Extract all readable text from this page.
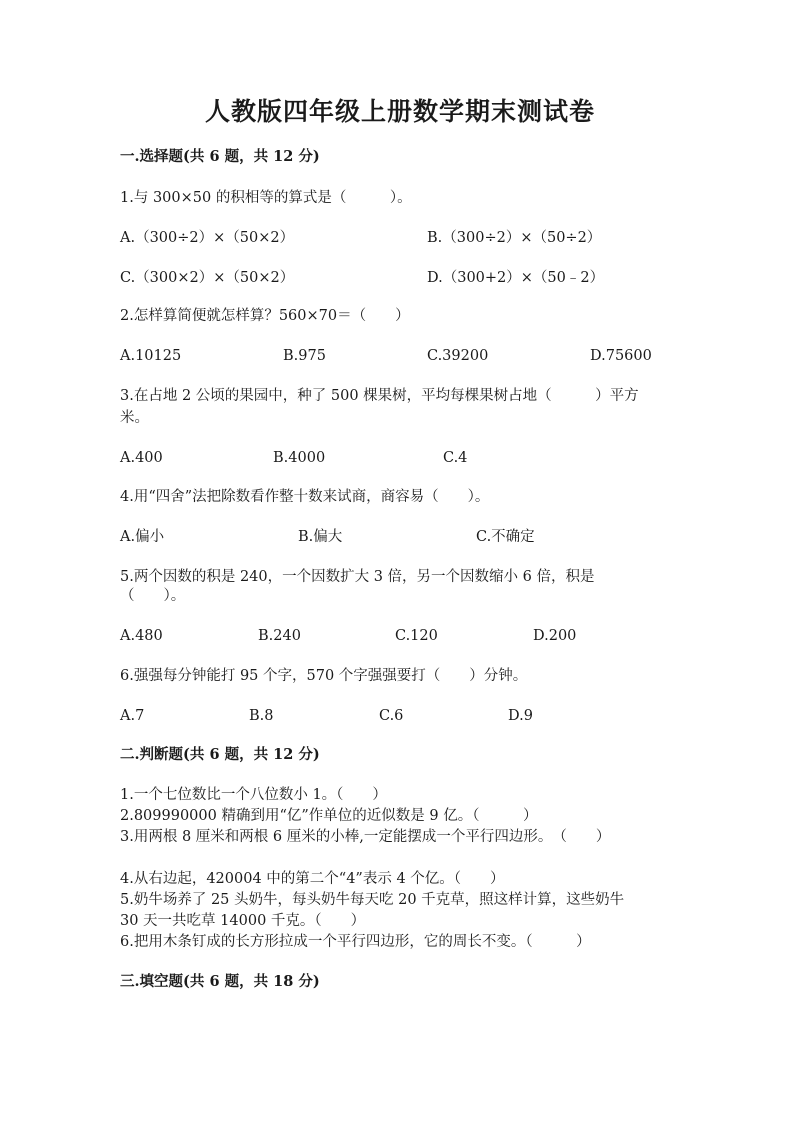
人教版四年级上册数学期末测试卷
一.选择题(共 6 题，共 12 分)
1.与 300×50 的积相等的算式是（　　　）。
A.（300÷2）×（50×2）	B.（300÷2）×（50÷2）
C.（300×2）×（50×2）	D.（300+2）×（50﹣2）
2.怎样算简便就怎样算？560×70＝（　　）
A.10125	B.975	C.39200	D.75600
3.在占地 2 公顷的果园中，种了 500 棵果树，平均每棵果树占地（　　　）平方
米。
A.400	B.4000	C.4
4.用“四舍”法把除数看作整十数来试商，商容易（　　）。
A.偏小	B.偏大	C.不确定
5.两个因数的积是 240，一个因数扩大 3 倍，另一个因数缩小 6 倍，积是
（　　）。
A.480	B.240	C.120	D.200
6.强强每分钟能打 95 个字，570 个字强强要打（　　）分钟。
A.7	B.8	C.6	D.9
二.判断题(共 6 题，共 12 分)
1.一个七位数比一个八位数小 1。（　　）
2.809990000 精确到用“亿”作单位的近似数是 9 亿。（　　　）
3.用两根 8 厘米和两根 6 厘米的小棒,一定能摆成一个平行四边形。　（　　）
4.从右边起，420004 中的第二个“4”表示 4 个亿。（　　）
5.奶牛场养了 25 头奶牛，每头奶牛每天吃 20 千克草，照这样计算，这些奶牛
30 天一共吃草 14000 千克。（　　）
6.把用木条钉成的长方形拉成一个平行四边形，它的周长不变。（　　　）
三.填空题(共 6 题，共 18 分)
